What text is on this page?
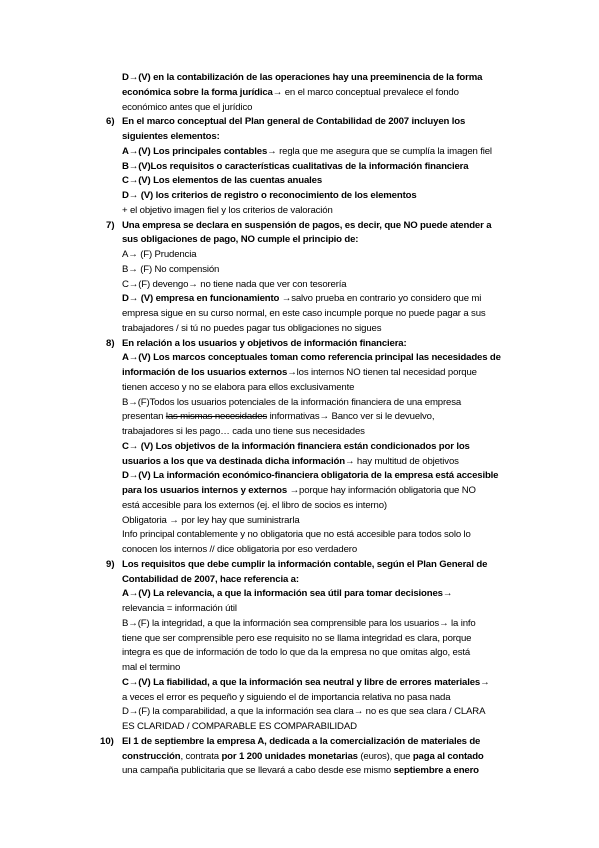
D→(V) en la contabilización de las operaciones hay una preeminencia de la forma
económica sobre la forma jurídica→ en el marco conceptual prevalece el fondo
económico antes que el jurídico
6) En el marco conceptual del Plan general de Contabilidad de 2007 incluyen los
siguientes elementos:
A→(V) Los principales contables→ regla que me asegura que se cumplía la imagen fiel
B→(V)Los requisitos o características cualitativas de la información financiera
C→(V) Los elementos de las cuentas anuales
D→ (V) los criterios de registro o reconocimiento de los elementos
+ el objetivo imagen fiel y los criterios de valoración
7) Una empresa se declara en suspensión de pagos, es decir, que NO puede atender a
sus obligaciones de pago, NO cumple el principio de:
A→ (F) Prudencia
B→ (F) No compensión
C→(F) devengo→ no tiene nada que ver con tesorería
D→ (V) empresa en funcionamiento →salvo prueba en contrario yo considero que mi
empresa sigue en su curso normal, en este caso incumple porque no puede pagar a sus
trabajadores / si tú no puedes pagar tus obligaciones no sigues
8) En relación a los usuarios y objetivos de información financiera:
A→(V) Los marcos conceptuales toman como referencia principal las necesidades de
información de los usuarios externos→los internos NO tienen tal necesidad porque
tienen acceso y no se elabora para ellos exclusivamente
B→(F)Todos los usuarios potenciales de la información financiera de una empresa
presentan las mismas necesidades informativas→ Banco ver si le devuelvo,
trabajadores si les pago… cada uno tiene sus necesidades
C→ (V) Los objetivos de la información financiera están condicionados por los
usuarios a los que va destinada dicha información→ hay multitud de objetivos
D→(V) La información económico-financiera obligatoria de la empresa está accesible
para los usuarios internos y externos →porque hay información obligatoria que NO
está accesible para los externos (ej. el libro de socios es interno)
Obligatoria → por ley hay que suministrarla
Info principal contablemente y no obligatoria que no está accesible para todos solo lo
conocen los internos // dice obligatoria por eso verdadero
9) Los requisitos que debe cumplir la información contable, según el Plan General de
Contabilidad de 2007, hace referencia a:
A→(V) La relevancia, a que la información sea útil para tomar decisiones→
relevancia = información útil
B→(F) la integridad, a que la información sea comprensible para los usuarios→ la info
tiene que ser comprensible pero ese requisito no se llama integridad es clara, porque
integra es que de información de todo lo que da la empresa no que omitas algo, está
mal el termino
C→(V) La fiabilidad, a que la información sea neutral y libre de errores materiales→
a veces el error es pequeño y siguiendo el de importancia relativa no pasa nada
D→(F) la comparabilidad, a que la información sea clara→ no es que sea clara / CLARA
ES CLARIDAD / COMPARABLE ES COMPARABILIDAD
10) El 1 de septiembre la empresa A, dedicada a la comercialización de materiales de
construcción, contrata por 1 200 unidades monetarias (euros), que paga al contado
una campaña publicitaria que se llevará a cabo desde ese mismo septiembre a enero
